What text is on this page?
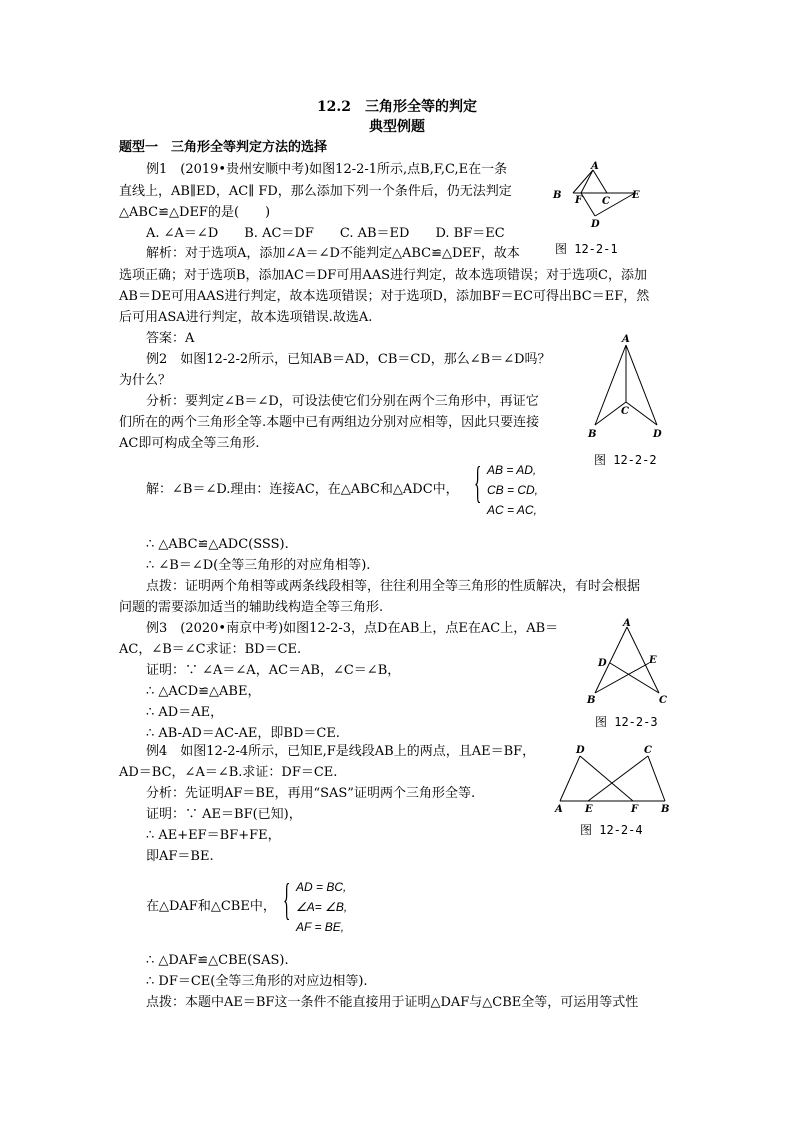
12.2　三角形全等的判定
典型例题
题型一　三角形全等判定方法的选择
例1　(2019•贵州安顺中考)如图12-2-1所示,点B,F,C,E在一条
直线上，AB∥ED，AC∥ FD，那么添加下列一个条件后，仍无法判定
△ABC≌△DEF的是(　　)
A. ∠A＝∠D　　B. AC＝DF　　C. AB＝ED　　D. BF＝EC
解析：对于选项A，添加∠A＝∠D不能判定△ABC≌△DEF，故本
选项正确；对于选项B，添加AC＝DF可用AAS进行判定，故本选项错误；对于选项C，添加
AB＝DE可用AAS进行判定，故本选项错误；对于选项D，添加BF＝EC可得出BC＝EF，然
后可用ASA进行判定，故本选项错误.故选A.
答案：A
A
B F C
E
D
图 12-2-1
例2　如图12-2-2所示，已知AB＝AD，CB＝CD，那么∠B＝∠D吗？
为什么？
分析：要判定∠B＝∠D，可设法使它们分别在两个三角形中，再证它
们所在的两个三角形全等.本题中已有两组边分别对应相等，因此只要连接
AC即可构成全等三角形.
A
B
C
D
图 12-2-2
解：∠B＝∠D.理由：连接AC，在△ABC和△ADC中， { AB = AD,
CB = CD,
AC = AC,
∴ △ABC≌△ADC(SSS).
∴ ∠B＝∠D(全等三角形的对应角相等).
点拨：证明两个角相等或两条线段相等，往往利用全等三角形的性质解决，有时会根据
问题的需要添加适当的辅助线构造全等三角形.
例3　(2020•南京中考)如图12-2-3，点D在AB上，点E在AC上，AB＝
AC，∠B＝∠C求证：BD＝CE.
证明：∵ ∠A＝∠A，AC＝AB，∠C＝∠B，
∴ △ACD≌△ABE，
∴ AD＝AE，
∴ AB-AD＝AC-AE，即BD＝CE.
A
D	E
B	C
图 12-2-3
例4　如图12-2-4所示，已知E,F是线段AB上的两点，且AE＝BF，
AD＝BC，∠A＝∠B.求证：DF＝CE.
分析：先证明AF＝BE，再用“SAS”证明两个三角形全等.
证明：∵ AE＝BF(已知)，
∴ AE+EF＝BF+FE，
即AF＝BE.
D	C
A E	F B
图 12-2-4
在△DAF和△CBE中， { AD = BC,
∠A= ∠B,
AF = BE,
∴ △DAF≌△CBE(SAS).
∴ DF＝CE(全等三角形的对应边相等).
点拨：本题中AE＝BF这一条件不能直接用于证明△DAF与△CBE全等，可运用等式性
